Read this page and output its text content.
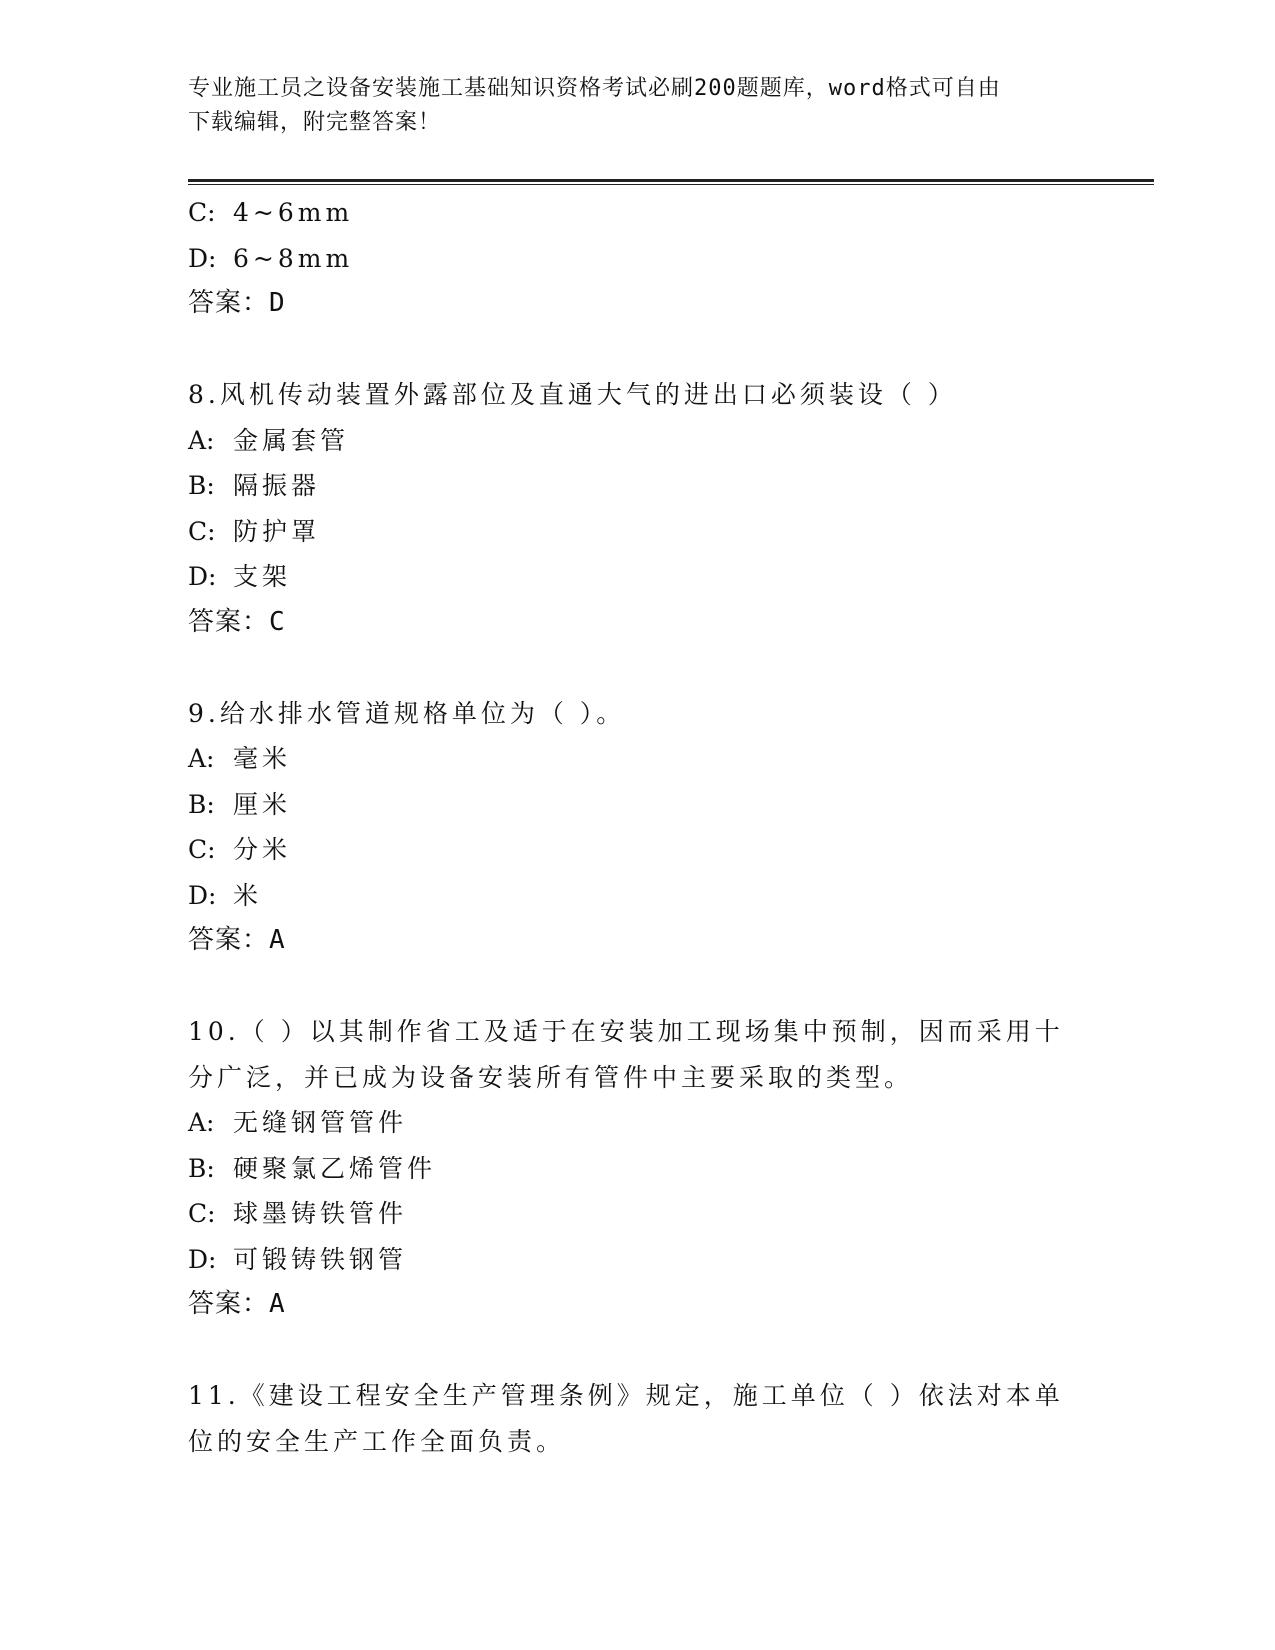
专业施工员之设备安装施工基础知识资格考试必刷200题题库，word格式可自由
下载编辑，附完整答案！
C: 4~6mm
D: 6~8mm
答案：D
8.风机传动装置外露部位及直通大气的进出口必须装设（ ）
A: 金属套管
B: 隔振器
C: 防护罩
D: 支架
答案：C
9.给水排水管道规格单位为（ ）。
A: 毫米
B: 厘米
C: 分米
D: 米
答案：A
10.（ ）以其制作省工及适于在安装加工现场集中预制，因而采用十
分广泛，并已成为设备安装所有管件中主要采取的类型。
A: 无缝钢管管件
B: 硬聚氯乙烯管件
C: 球墨铸铁管件
D: 可锻铸铁钢管
答案：A
11.《建设工程安全生产管理条例》规定，施工单位（ ）依法对本单
位的安全生产工作全面负责。
